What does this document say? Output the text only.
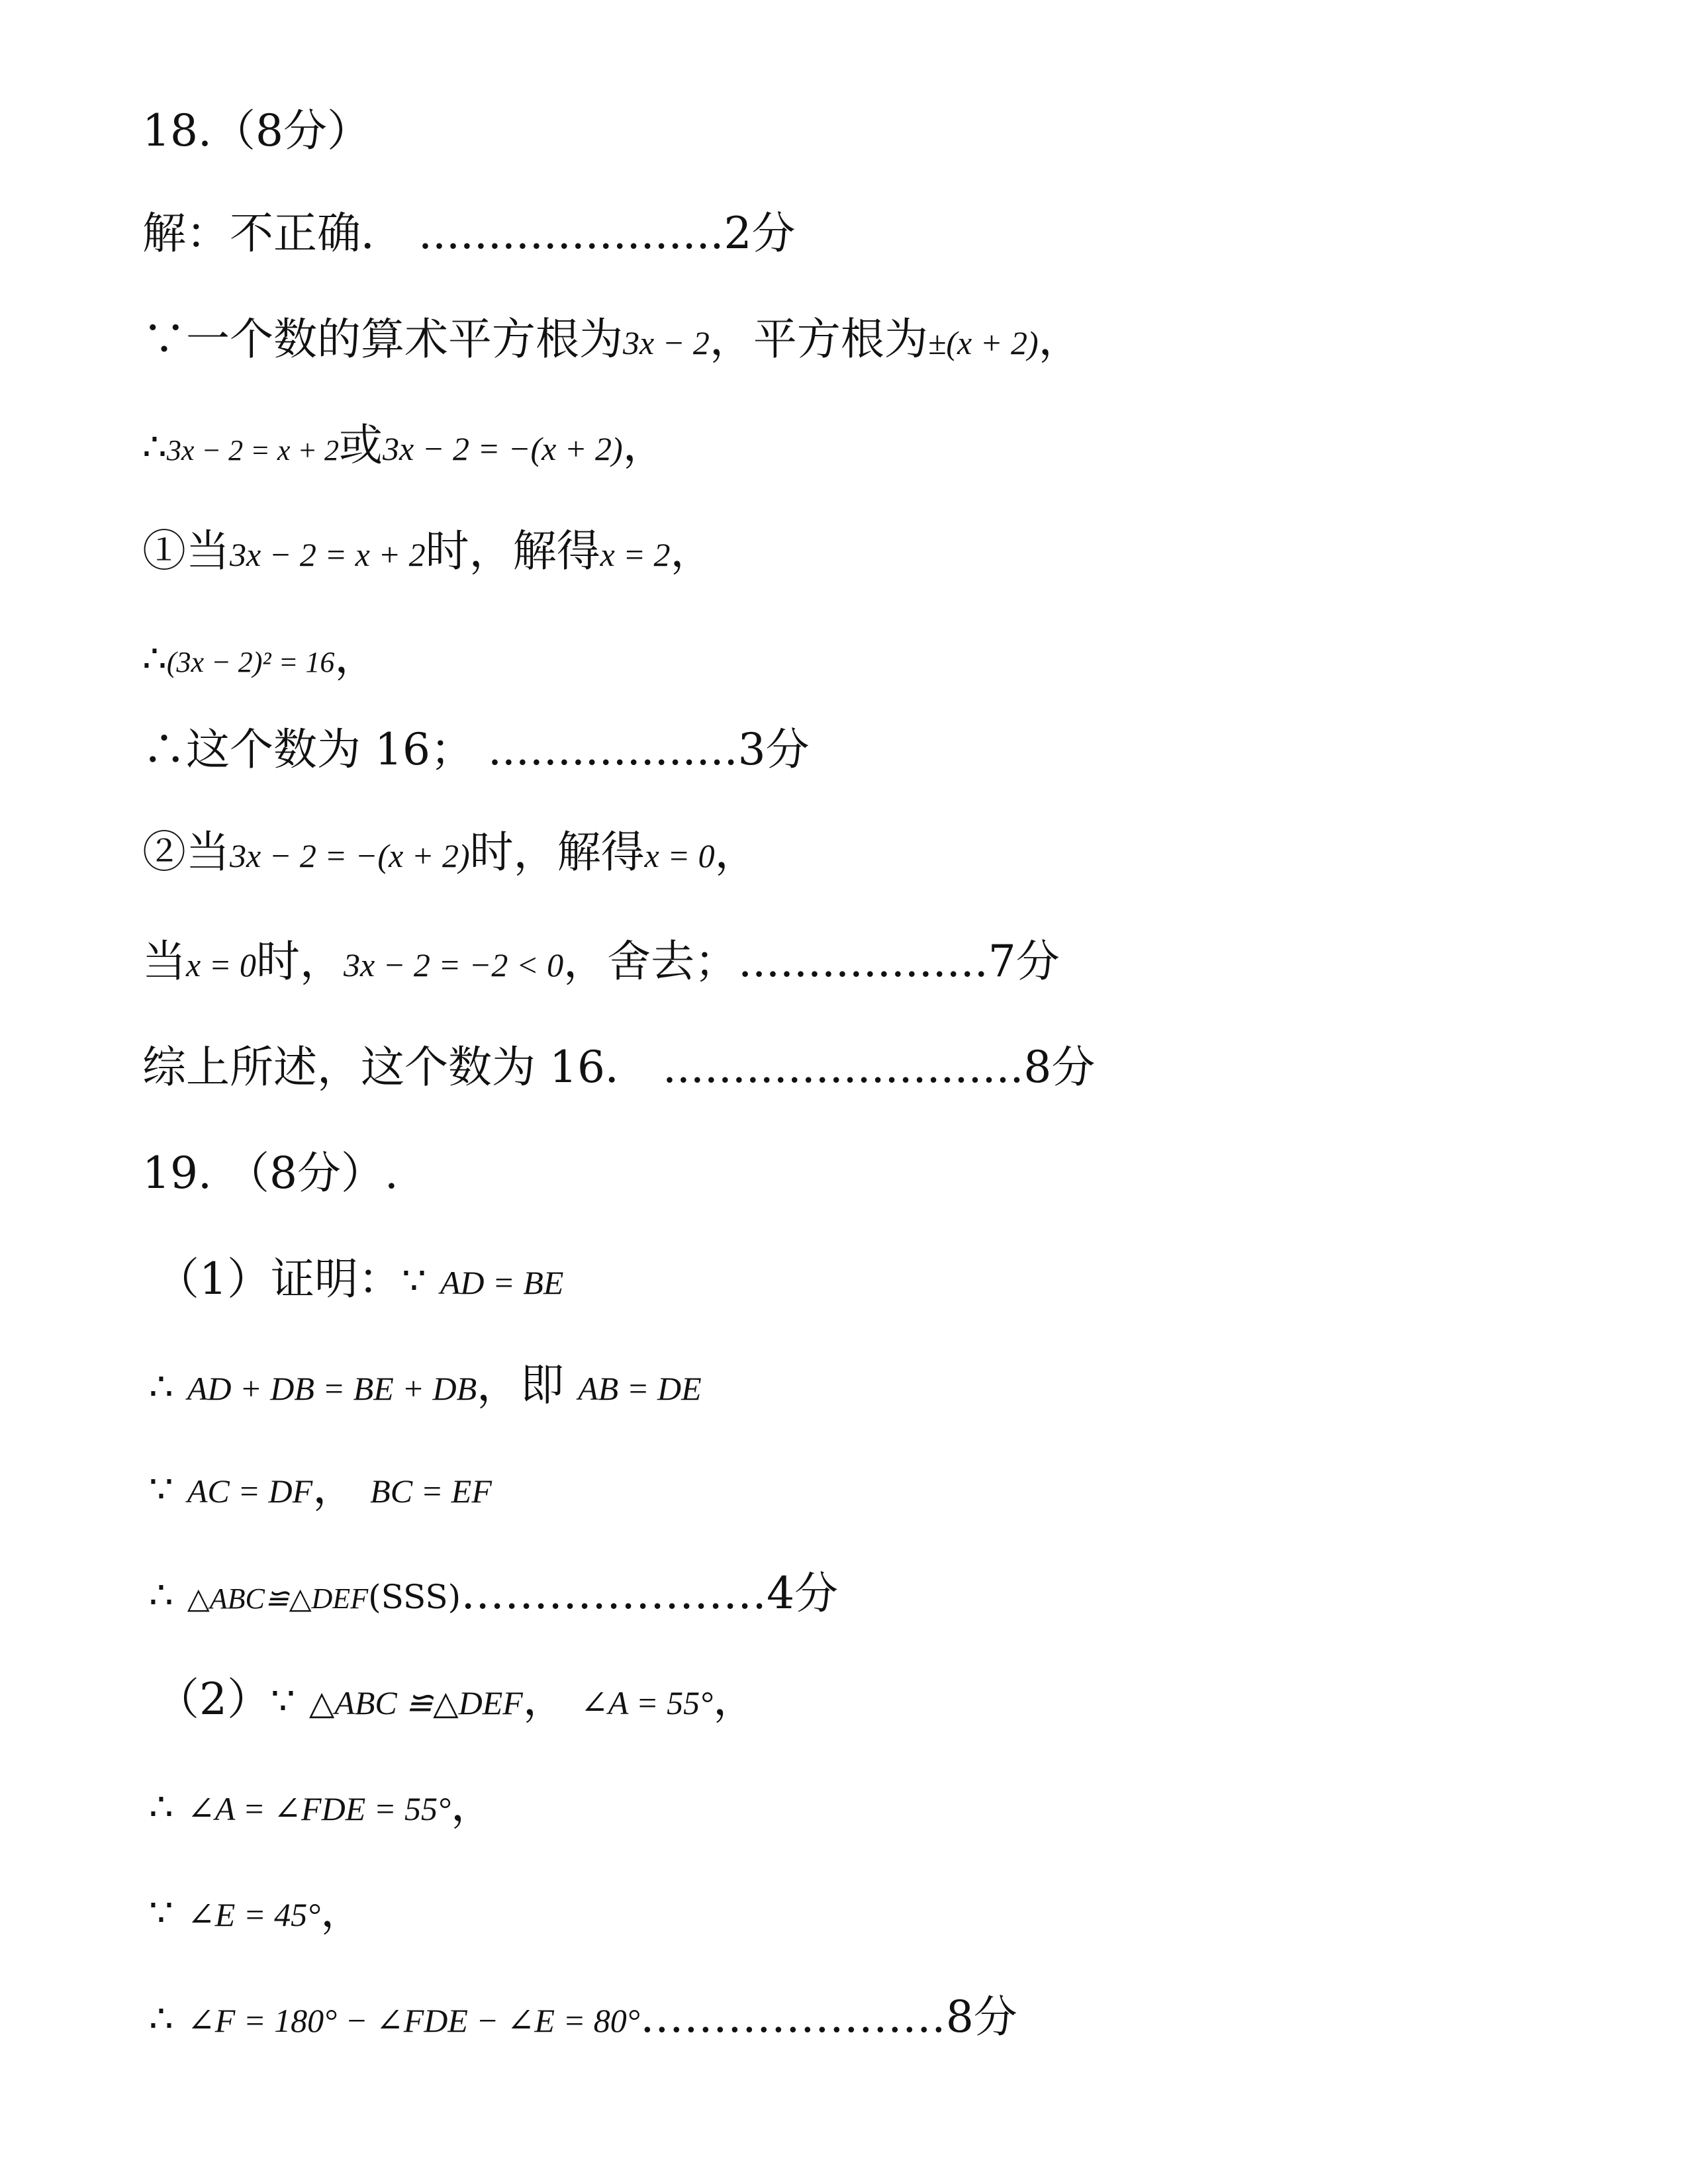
18.（8分）
解：不正确． ......................2分
∵一个数的算术平方根为3x − 2，平方根为±(x + 2)，
∴3x − 2 = x + 2或3x − 2 = −(x + 2)，
①当3x − 2 = x + 2时，解得x = 2，
∴(3x − 2)² = 16，
∴这个数为 16； ..................3分
②当3x − 2 = −(x + 2)时，解得x = 0，
当x = 0时，3x − 2 = −2 < 0，舍去；..................7分
综上所述，这个数为 16． ..........................8分
19. （8分）.
（1）证明：∵ AD = BE
∴ AD + DB = BE + DB，即 AB = DE
∵ AC = DF， BC = EF
∴ △ABC≌△DEF(SSS)…………………4分
（2）∵ △ABC ≌△DEF， ∠A = 55°，
∴ ∠A = ∠FDE = 55°，
∵ ∠E = 45°，
∴ ∠F = 180° − ∠FDE − ∠E = 80°…………………8分
